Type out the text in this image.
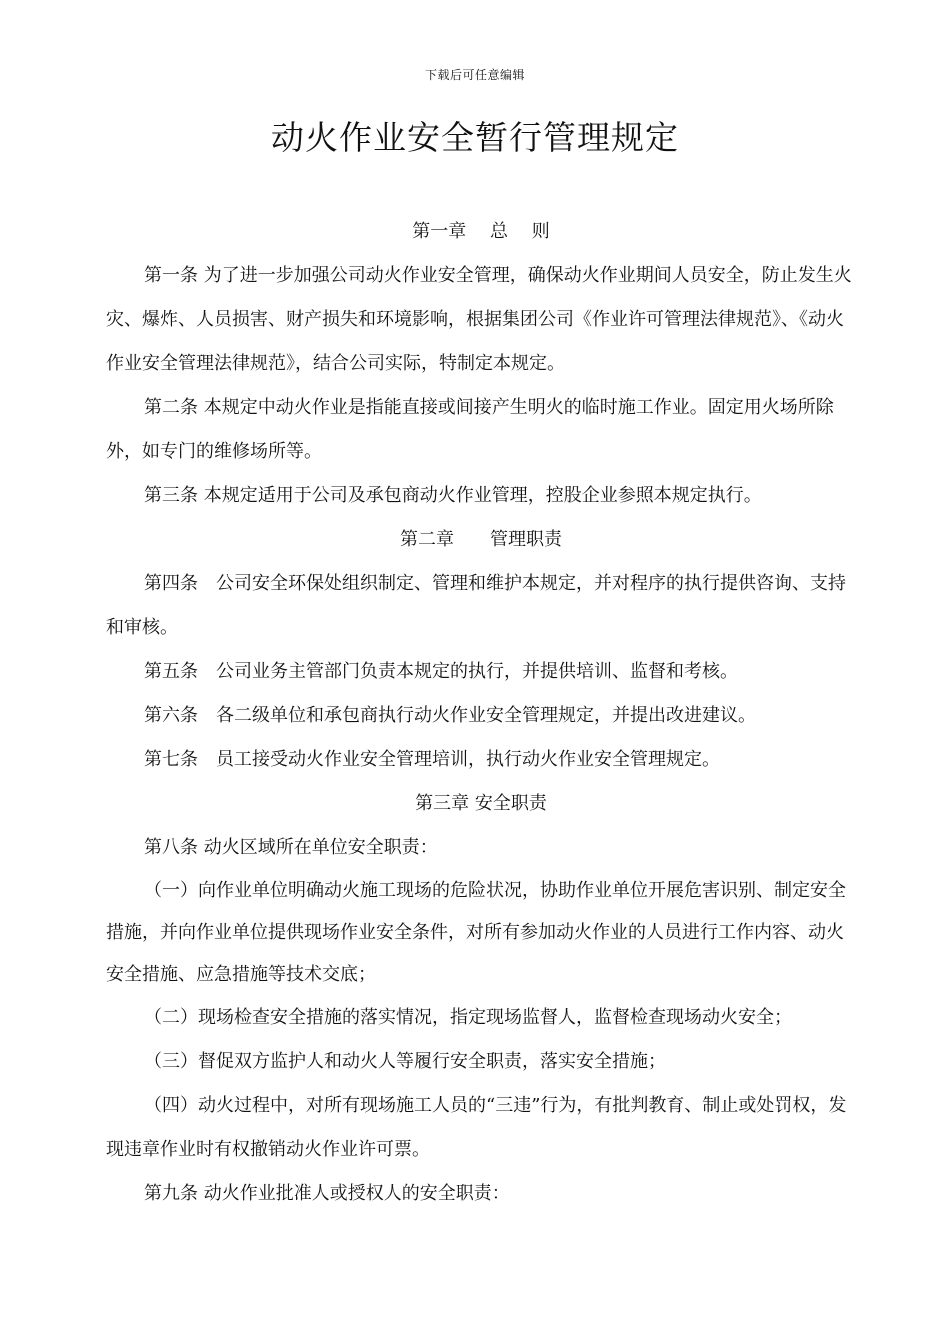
下载后可任意编辑
动火作业安全暂行管理规定

第一章　 总　 则

第一条 为了进一步加强公司动火作业安全管理，确保动火作业期间人员安全，防止发生火灾、爆炸、人员损害、财产损失和环境影响，根据集团公司《作业许可管理法律规范》、《动火作业安全管理法律规范》，结合公司实际，特制定本规定。

第二条 本规定中动火作业是指能直接或间接产生明火的临时施工作业。固定用火场所除外，如专门的维修场所等。

第三条 本规定适用于公司及承包商动火作业管理，控股企业参照本规定执行。

第二章　　管理职责

第四条　公司安全环保处组织制定、管理和维护本规定，并对程序的执行提供咨询、支持和审核。

第五条　公司业务主管部门负责本规定的执行，并提供培训、监督和考核。

第六条　各二级单位和承包商执行动火作业安全管理规定，并提出改进建议。

第七条　员工接受动火作业安全管理培训，执行动火作业安全管理规定。

第三章 安全职责

第八条 动火区域所在单位安全职责：

（一）向作业单位明确动火施工现场的危险状况，协助作业单位开展危害识别、制定安全措施，并向作业单位提供现场作业安全条件，对所有参加动火作业的人员进行工作内容、动火安全措施、应急措施等技术交底；

（二）现场检查安全措施的落实情况，指定现场监督人，监督检查现场动火安全；

（三）督促双方监护人和动火人等履行安全职责，落实安全措施；

（四）动火过程中，对所有现场施工人员的“三违”行为，有批判教育、制止或处罚权，发现违章作业时有权撤销动火作业许可票。

第九条 动火作业批准人或授权人的安全职责：
